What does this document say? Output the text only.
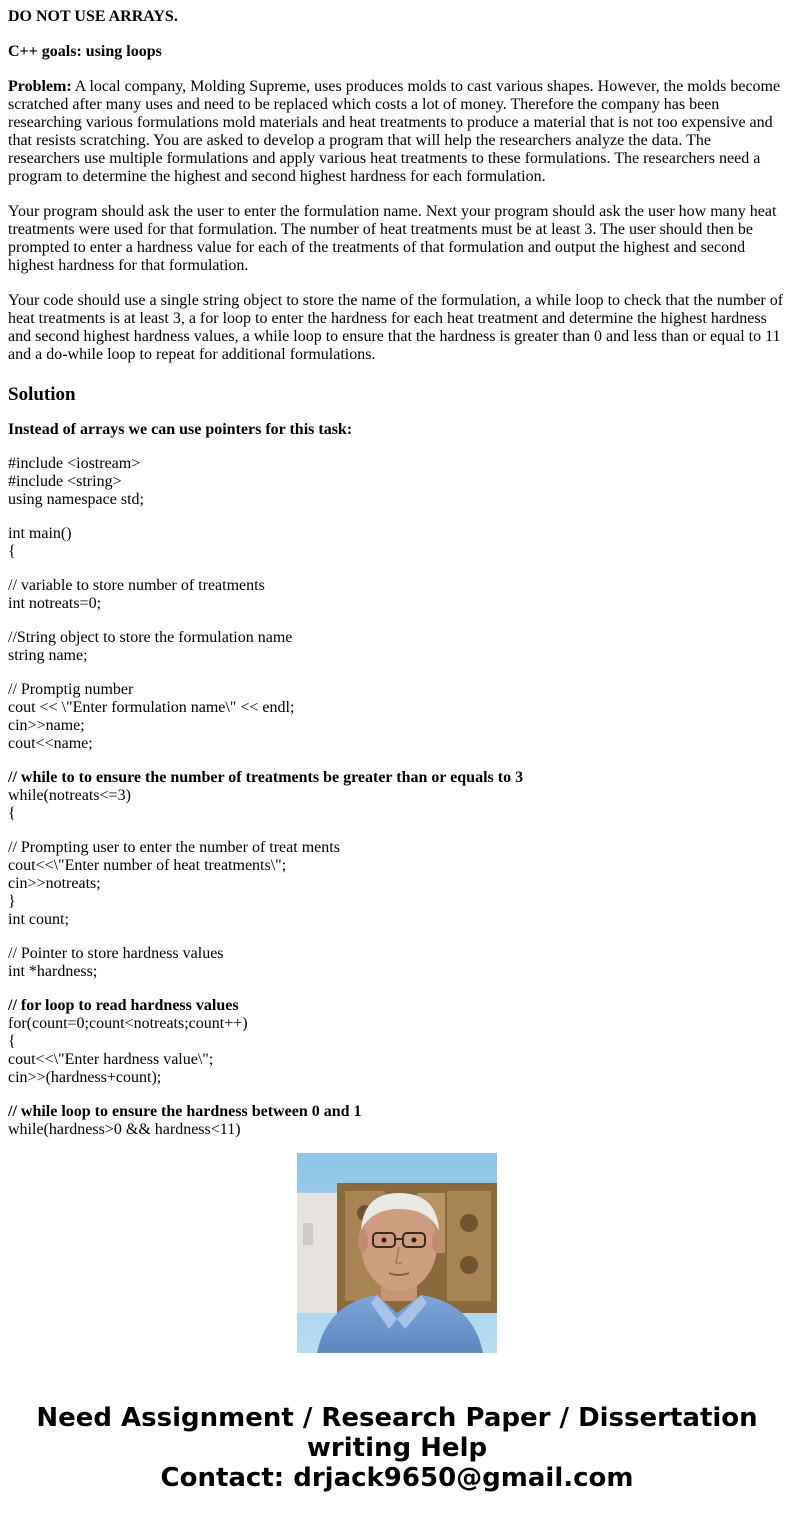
DO NOT USE ARRAYS.

C++ goals: using loops

Problem: A local company, Molding Supreme, uses produces molds to cast various shapes. However, the molds become scratched after many uses and need to be replaced which costs a lot of money. Therefore the company has been researching various formulations mold materials and heat treatments to produce a material that is not too expensive and that resists scratching. You are asked to develop a program that will help the researchers analyze the data. The researchers use multiple formulations and apply various heat treatments to these formulations. The researchers need a program to determine the highest and second highest hardness for each formulation.

Your program should ask the user to enter the formulation name. Next your program should ask the user how many heat treatments were used for that formulation. The number of heat treatments must be at least 3. The user should then be prompted to enter a hardness value for each of the treatments of that formulation and output the highest and second highest hardness for that formulation.

Your code should use a single string object to store the name of the formulation, a while loop to check that the number of heat treatments is at least 3, a for loop to enter the hardness for each heat treatment and determine the highest hardness and second highest hardness values, a while loop to ensure that the hardness is greater than 0 and less than or equal to 11 and a do-while loop to repeat for additional formulations.

Solution

Instead of arrays we can use pointers for this task:

#include <iostream>
#include <string>
using namespace std;
int main()
{
// variable to store number of treatments
int notreats=0;
//String object to store the formulation name
string name;
// Promptig number
cout << \"Enter formulation name\" << endl;
cin>>name;
cout<<name;
// while to to ensure the number of treatments be greater than or equals to 3
while(notreats<=3)
{
// Prompting user to enter the number of treat ments
cout<<\"Enter number of heat treatments\";
cin>>notreats;
}
int count;
// Pointer to store hardness values
int *hardness;
// for loop to read hardness values
for(count=0;count<notreats;count++)
{
cout<<\"Enter hardness value\";
cin>>(hardness+count);
// while loop to ensure the hardness between 0 and 1
while(hardness>0 && hardness<11)
Need Assignment / Research Paper / Dissertation
writing Help
Contact: drjack9650@gmail.com
